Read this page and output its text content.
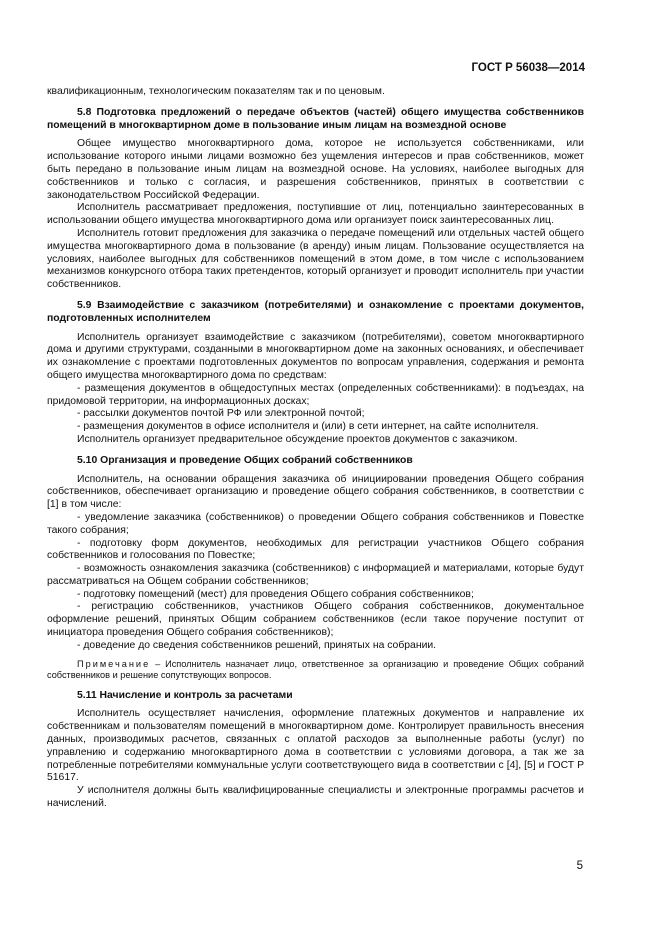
ГОСТ Р 56038—2014

квалификационным, технологическим показателям так и по ценовым.

5.8 Подготовка предложений о передаче объектов (частей) общего имущества собственников помещений в многоквартирном доме в пользование иным лицам на возмездной основе

Общее имущество многоквартирного дома, которое не используется собственниками, или использование которого иными лицами возможно без ущемления интересов и прав собственников, может быть передано в пользование иным лицам на возмездной основе. На условиях, наиболее выгодных для собственников и только с согласия, и разрешения собственников, принятых в соответствии с законодательством Российской Федерации.

Исполнитель рассматривает предложения, поступившие от лиц, потенциально заинтересованных в использовании общего имущества многоквартирного дома или организует поиск заинтересованных лиц.

Исполнитель готовит предложения для заказчика о передаче помещений или отдельных частей общего имущества многоквартирного дома в пользование (в аренду) иным лицам. Пользование осуществляется на условиях, наиболее выгодных для собственников помещений в этом доме, в том числе с использованием механизмов конкурсного отбора таких претендентов, который организует и проводит исполнитель при участии собственников.

5.9 Взаимодействие с заказчиком (потребителями) и ознакомление с проектами документов, подготовленных исполнителем

Исполнитель организует взаимодействие с заказчиком (потребителями), советом многоквартирного дома и другими структурами, созданными в многоквартирном доме на законных основаниях, и обеспечивает их ознакомление с проектами подготовленных документов по вопросам управления, содержания и ремонта общего имущества многоквартирного дома по средствам:

- размещения документов в общедоступных местах (определенных собственниками): в подъездах, на придомовой территории, на информационных досках;

- рассылки документов почтой РФ или электронной почтой;

- размещения документов в офисе исполнителя и (или) в сети интернет, на сайте исполнителя.

Исполнитель организует предварительное обсуждение проектов документов с заказчиком.

5.10 Организация и проведение Общих собраний собственников

Исполнитель, на основании обращения заказчика об инициировании проведения Общего собрания собственников, обеспечивает организацию и проведение общего собрания собственников, в соответствии с [1] в том числе:

- уведомление заказчика (собственников) о проведении Общего собрания собственников и Повестке такого собрания;

- подготовку форм документов, необходимых для регистрации участников Общего собрания собственников и голосования по Повестке;

- возможность ознакомления заказчика (собственников) с информацией и материалами, которые будут рассматриваться на Общем собрании собственников;

- подготовку помещений (мест) для проведения Общего собрания собственников;

- регистрацию собственников, участников Общего собрания собственников, документальное оформление решений, принятых Общим собранием собственников (если такое поручение поступит от инициатора проведения Общего собрания собственников);

- доведение до сведения собственников решений, принятых на собрании.

Примечание – Исполнитель назначает лицо, ответственное за организацию и проведение Общих собраний собственников и решение сопутствующих вопросов.

5.11 Начисление и контроль за расчетами

Исполнитель осуществляет начисления, оформление платежных документов и направление их собственникам и пользователям помещений в многоквартирном доме. Контролирует правильность внесения данных, производимых расчетов, связанных с оплатой расходов за выполненные работы (услуг) по управлению и содержанию многоквартирного дома в соответствии с условиями договора, а так же за потребленные потребителями коммунальные услуги соответствующего вида в соответствии с [4], [5] и ГОСТ Р 51617.

У исполнителя должны быть квалифицированные специалисты и электронные программы расчетов и начислений.

5
